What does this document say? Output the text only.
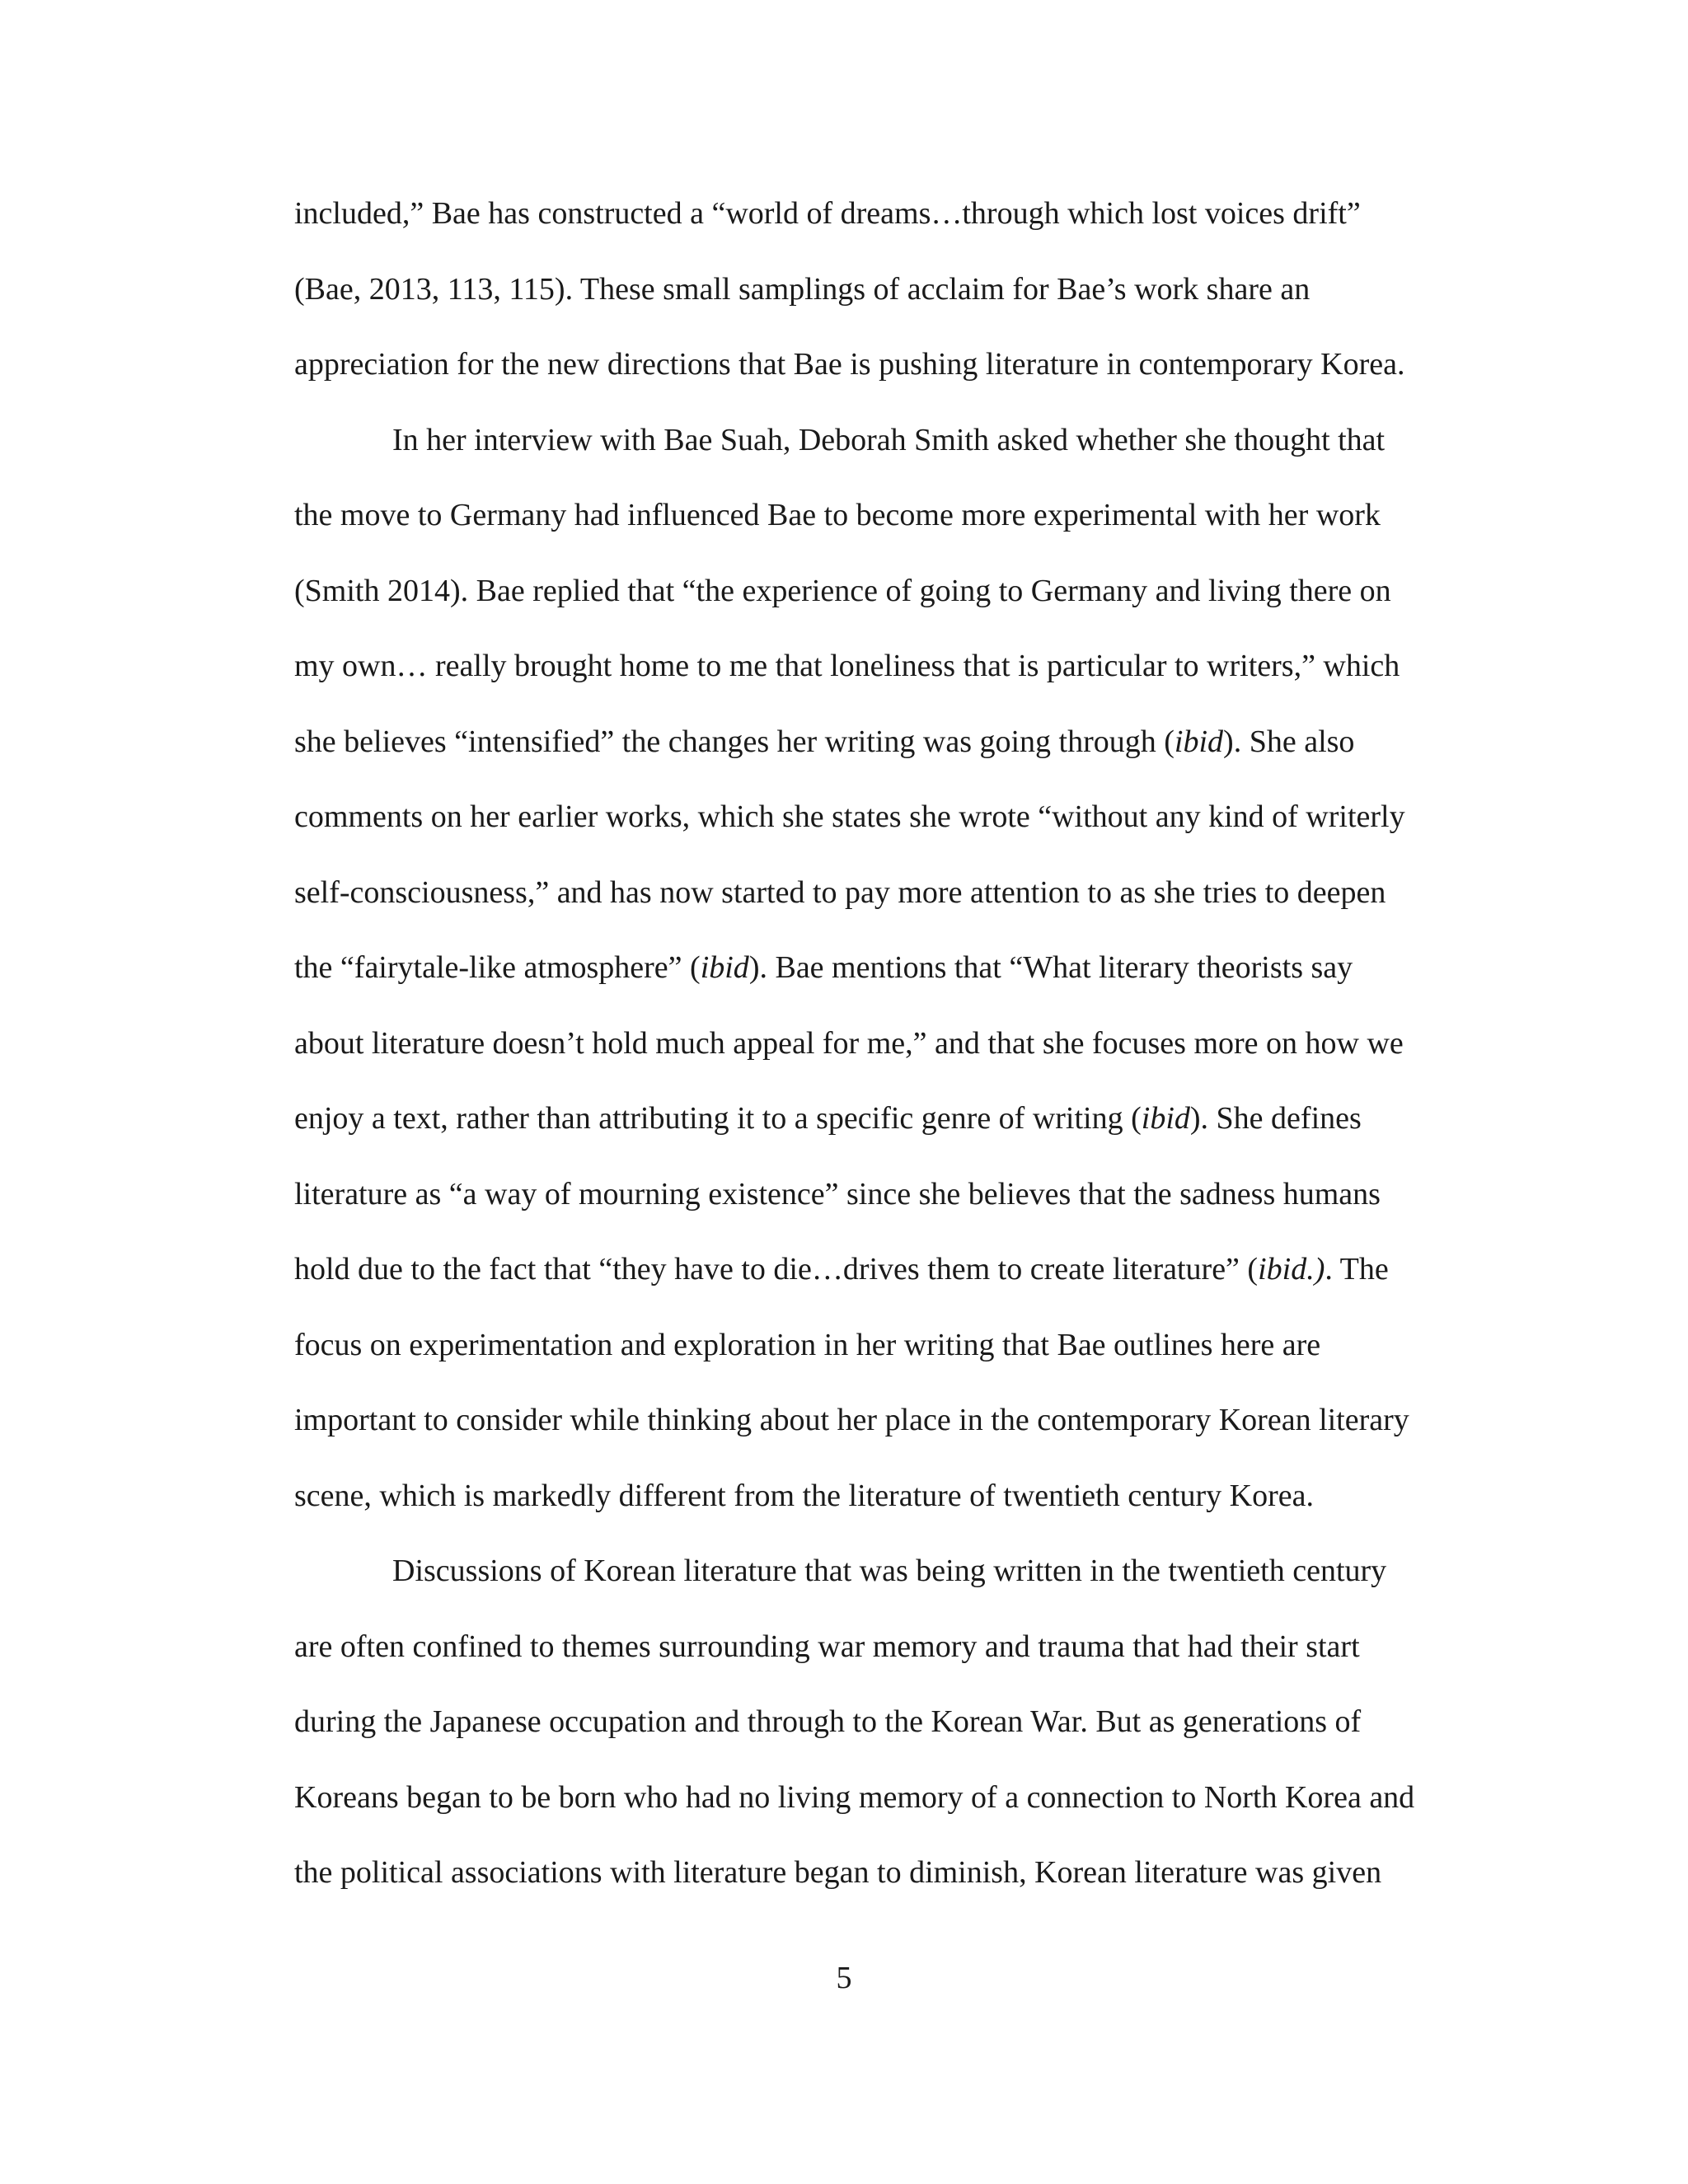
included,” Bae has constructed a “world of dreams…through which lost voices drift”
(Bae, 2013, 113, 115). These small samplings of acclaim for Bae’s work share an
appreciation for the new directions that Bae is pushing literature in contemporary Korea.
In her interview with Bae Suah, Deborah Smith asked whether she thought that
the move to Germany had influenced Bae to become more experimental with her work
(Smith 2014). Bae replied that “the experience of going to Germany and living there on
my own… really brought home to me that loneliness that is particular to writers,” which
she believes “intensified” the changes her writing was going through (ibid). She also
comments on her earlier works, which she states she wrote “without any kind of writerly
self-consciousness,” and has now started to pay more attention to as she tries to deepen
the “fairytale-like atmosphere” (ibid). Bae mentions that “What literary theorists say
about literature doesn’t hold much appeal for me,” and that she focuses more on how we
enjoy a text, rather than attributing it to a specific genre of writing (ibid). She defines
literature as “a way of mourning existence” since she believes that the sadness humans
hold due to the fact that “they have to die…drives them to create literature” (ibid.). The
focus on experimentation and exploration in her writing that Bae outlines here are
important to consider while thinking about her place in the contemporary Korean literary
scene, which is markedly different from the literature of twentieth century Korea.
Discussions of Korean literature that was being written in the twentieth century
are often confined to themes surrounding war memory and trauma that had their start
during the Japanese occupation and through to the Korean War. But as generations of
Koreans began to be born who had no living memory of a connection to North Korea and
the political associations with literature began to diminish, Korean literature was given
5
